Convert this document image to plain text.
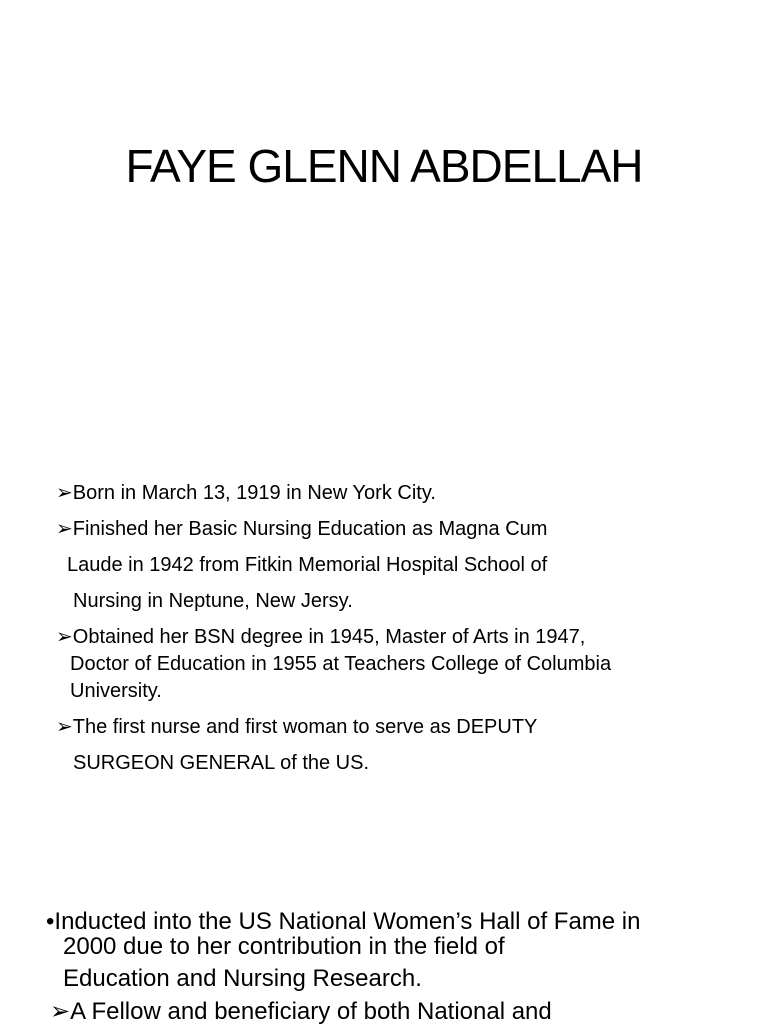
FAYE GLENN ABDELLAH
➢Born in March 13, 1919 in New York City.
➢Finished her Basic Nursing Education as Magna Cum
Laude in 1942 from Fitkin Memorial Hospital School of
Nursing in Neptune, New Jersy.
➢Obtained her BSN degree in 1945, Master of Arts in 1947,
Doctor of Education in 1955 at Teachers College of Columbia
University.
➢The first nurse and first woman to serve as DEPUTY
SURGEON GENERAL of the US.
•Inducted into the US National Women’s Hall of Fame in
2000 due to her contribution in the field of
Education and Nursing Research.
➢A Fellow and beneficiary of both National and
